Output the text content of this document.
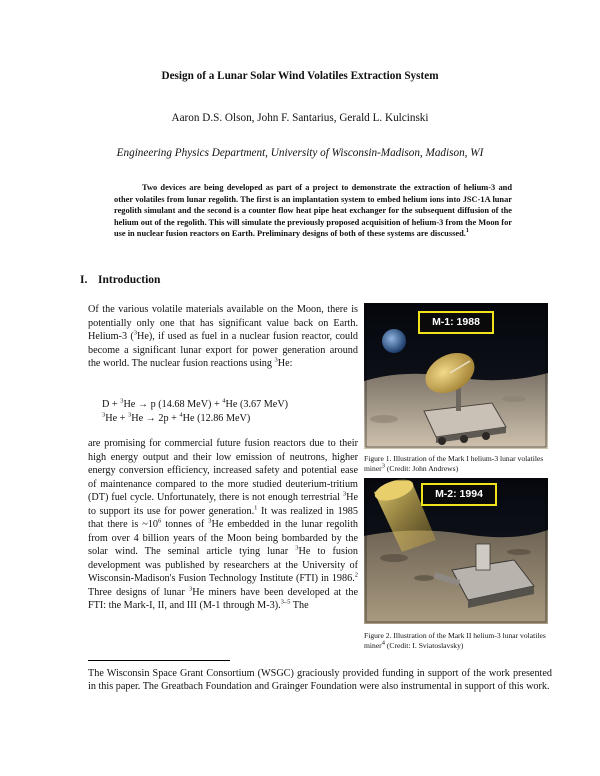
Design of a Lunar Solar Wind Volatiles Extraction System
Aaron D.S. Olson, John F. Santarius, Gerald L. Kulcinski
Engineering Physics Department, University of Wisconsin-Madison, Madison, WI
Two devices are being developed as part of a project to demonstrate the extraction of helium-3 and other volatiles from lunar regolith. The first is an implantation system to embed helium ions into JSC-1A lunar regolith simulant and the second is a counter flow heat pipe heat exchanger for the subsequent diffusion of the helium out of the regolith. This will simulate the previously proposed acquisition of helium-3 from the Moon for use in nuclear fusion reactors on Earth. Preliminary designs of both of these systems are discussed.$^1$
I. Introduction
Of the various volatile materials available on the Moon, there is potentially only one that has significant value back on Earth. Helium-3 ($^3$He), if used as fuel in a nuclear fusion reactor, could become a significant lunar export for power generation around the world. The nuclear fusion reactions using $^3$He:
D + $^3$He → p (14.68 MeV) + $^4$He (3.67 MeV)
$^3$He + $^3$He → 2p + $^4$He (12.86 MeV)
are promising for commercial future fusion reactors due to their high energy output and their low emission of neutrons, higher energy conversion efficiency, increased safety and potential ease of maintenance compared to the more studied deuterium-tritium (DT) fuel cycle. Unfortunately, there is not enough terrestrial $^3$He to support its use for power generation.$^1$ It was realized in 1985 that there is $\sim 10^6$ tonnes of $^3$He embedded in the lunar regolith from over 4 billion years of the Moon being bombarded by the solar wind. The seminal article tying lunar $^3$He to fusion development was published by researchers at the University of Wisconsin-Madison's Fusion Technology Institute (FTI) in 1986.$^2$ Three designs of lunar $^3$He miners have been developed at the FTI: the Mark-I, II, and III (M-1 through M-3).$^{3-5}$ The
M-1: 1988
Figure 1. Illustration of the Mark I helium-3 lunar volatiles miner$^3$ (Credit: John Andrews)
M-2: 1994
Figure 2. Illustration of the Mark II helium-3 lunar volatiles miner$^4$ (Credit: I. Sviatoslavsky)
The Wisconsin Space Grant Consortium (WSGC) graciously provided funding in support of the work presented in this paper. The Greatbach Foundation and Grainger Foundation were also instrumental in support of this work.
